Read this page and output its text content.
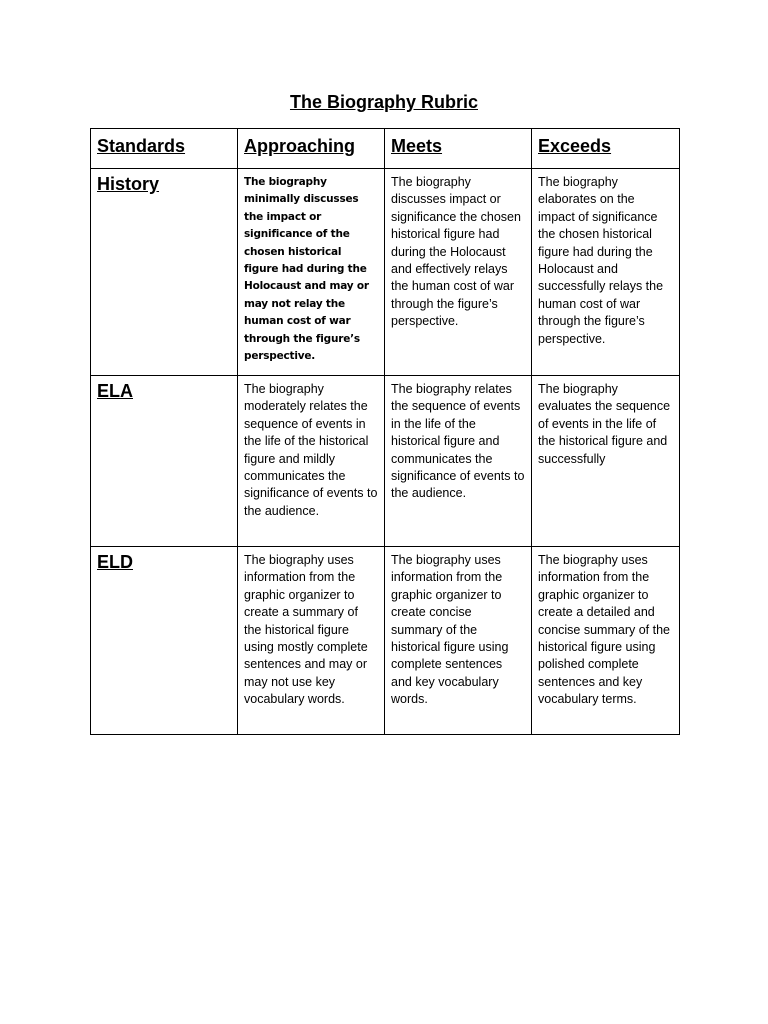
The Biography Rubric
Standards	Approaching	Meets	Exceeds
History	The biography minimally discusses the impact or significance of the chosen historical figure had during the Holocaust and may or may not relay the human cost of war through the figure’s perspective.	The biography discusses impact or significance the chosen historical figure had during the Holocaust and effectively relays the human cost of war through the figure’s perspective.	The biography elaborates on the impact of significance the chosen historical figure had during the Holocaust and successfully relays the human cost of war through the figure’s perspective.
ELA	The biography moderately relates the sequence of events in the life of the historical figure and mildly communicates the significance of events to the audience.	The biography relates the sequence of events in the life of the historical figure and communicates the significance of events to the audience.	The biography evaluates the sequence of events in the life of the historical figure and successfully
ELD	The biography uses information from the graphic organizer to create a summary of the historical figure using mostly complete sentences and may or may not use key vocabulary words.	The biography uses information from the graphic organizer to create concise summary of the historical figure using complete sentences and key vocabulary words.	The biography uses information from the graphic organizer to create a detailed and concise summary of the historical figure using polished complete sentences and key vocabulary terms.
